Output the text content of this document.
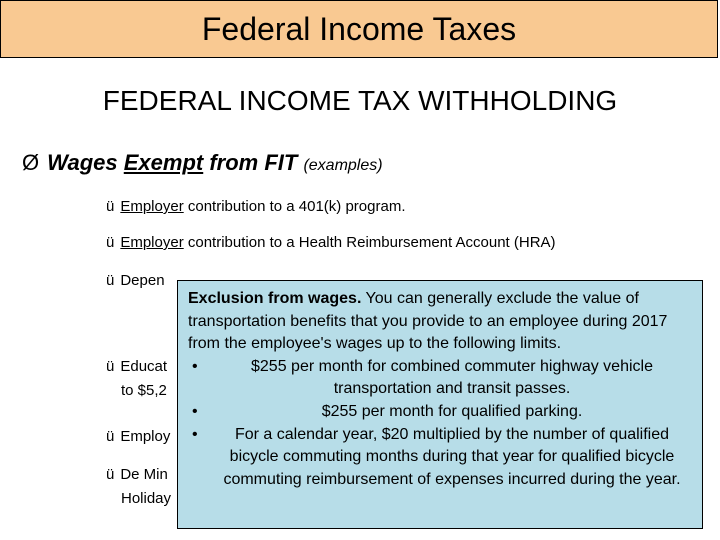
Federal Income Taxes
FEDERAL INCOME TAX WITHHOLDING
Ø Wages Exempt from FIT (examples)
ü Employer contribution to a 401(k) program.
ü Employer contribution to a Health Reimbursement Account (HRA)
ü Depen
ü Educat
to $5,2
ü Employ
ü De Min
Holiday
Exclusion from wages. You can generally exclude the value of transportation benefits that you provide to an employee during 2017 from the employee's wages up to the following limits.
•	$255 per month for combined commuter highway vehicle transportation and transit passes.
•	$255 per month for qualified parking.
• For a calendar year, $20 multiplied by the number of qualified bicycle commuting months during that year for qualified bicycle commuting reimbursement of expenses incurred during the year.
